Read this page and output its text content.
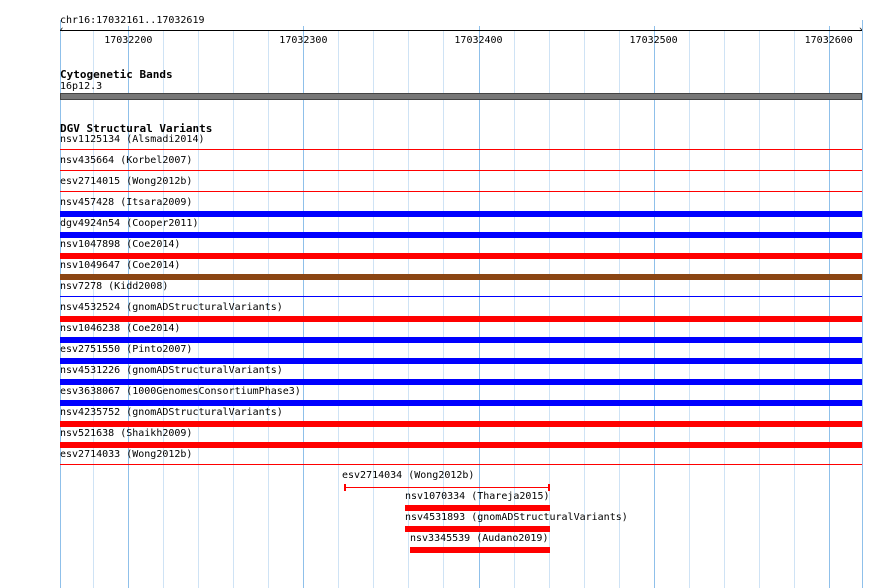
chr16:17032161..17032619
‹	›
17032200	17032300	17032400	17032500	17032600
Cytogenetic Bands
16p12.3
DGV Structural Variants
nsv1125134 (Alsmadi2014)
nsv435664 (Korbel2007)
esv2714015 (Wong2012b)
nsv457428 (Itsara2009)
dgv4924n54 (Cooper2011)
nsv1047898 (Coe2014)
nsv1049647 (Coe2014)
nsv7278 (Kidd2008)
nsv4532524 (gnomADStructuralVariants)
nsv1046238 (Coe2014)
esv2751550 (Pinto2007)
nsv4531226 (gnomADStructuralVariants)
esv3638067 (1000GenomesConsortiumPhase3)
nsv4235752 (gnomADStructuralVariants)
nsv521638 (Shaikh2009)
esv2714033 (Wong2012b)
esv2714034 (Wong2012b)
nsv1070334 (Thareja2015)
nsv4531893 (gnomADStructuralVariants)
nsv3345539 (Audano2019)
